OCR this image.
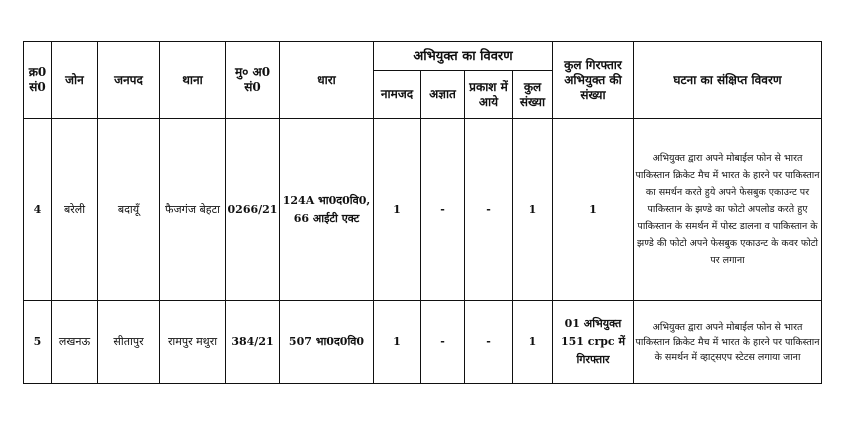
क्र0 सं0	जोन	जनपद	थाना	मु० अ0 सं0	धारा	अभियुक्त का विवरण				कुल गिरफ्तार अभियुक्त की संख्या	घटना का संक्षिप्त विवरण
						नामजद	अज्ञात	प्रकाश में आये	कुल संख्या		
4	बरेली	बदायूँ	फैजगंज बेहटा	0266/21	124A भा0द0वि0, 66 आईटी एक्ट	1	-	-	1	1	अभियुक्त द्वारा अपने मोबाईल फोन से भारत पाकिस्तान क्रिकेट मैच में भारत के हारने पर पाकिस्तान का समर्थन करते हुये अपने फेसबुक एकाउन्ट पर पाकिस्तान के झण्डे का फोटो अपलोड करते हुए पाकिस्तान के समर्थन में पोस्ट डालना व पाकिस्तान के झण्डे की फोटो अपने फेसबुक एकाउन्ट के कवर फोटो पर लगाना
5	लखनऊ	सीतापुर	रामपुर मथुरा	384/21	507 भा0द0वि0	1	-	-	1	01 अभियुक्त 151 crpc में गिरफ्तार	अभियुक्त द्वारा अपने मोबाईल फोन से भारत पाकिस्तान क्रिकेट मैच में भारत के हारने पर पाकिस्तान के समर्थन में व्हाट्सएप स्टेटस लगाया जाना
